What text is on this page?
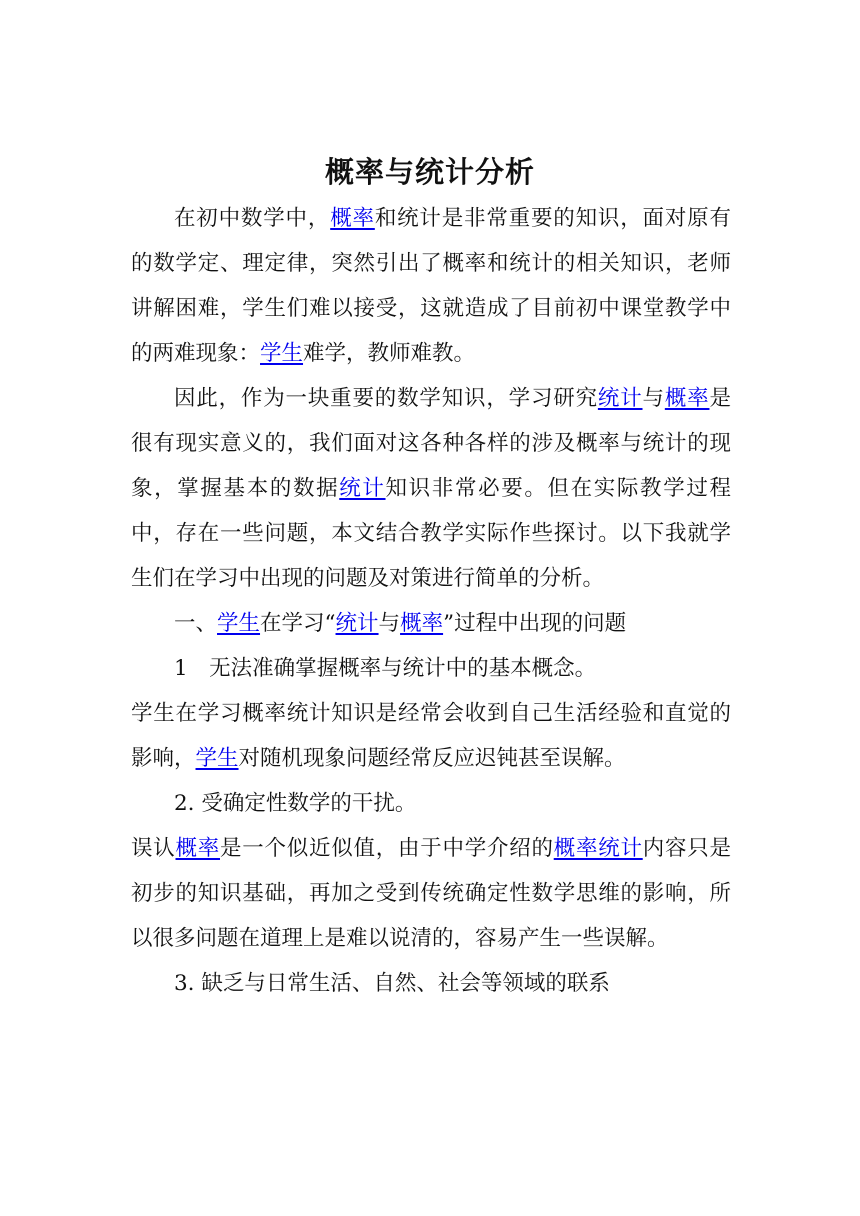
概率与统计分析

在初中数学中，概率和统计是非常重要的知识，面对原有的数学定、理定律，突然引出了概率和统计的相关知识，老师讲解困难，学生们难以接受，这就造成了目前初中课堂教学中的两难现象：学生难学，教师难教。

因此，作为一块重要的数学知识，学习研究统计与概率是很有现实意义的，我们面对这各种各样的涉及概率与统计的现象，掌握基本的数据统计知识非常必要。但在实际教学过程中，存在一些问题，本文结合教学实际作些探讨。以下我就学生们在学习中出现的问题及对策进行简单的分析。

一、学生在学习“统计与概率”过程中出现的问题

1　无法准确掌握概率与统计中的基本概念。

学生在学习概率统计知识是经常会收到自己生活经验和直觉的影响，学生对随机现象问题经常反应迟钝甚至误解。

2. 受确定性数学的干扰。

误认概率是一个似近似值，由于中学介绍的概率统计内容只是初步的知识基础，再加之受到传统确定性数学思维的影响，所以很多问题在道理上是难以说清的，容易产生一些误解。

3. 缺乏与日常生活、自然、社会等领域的联系
